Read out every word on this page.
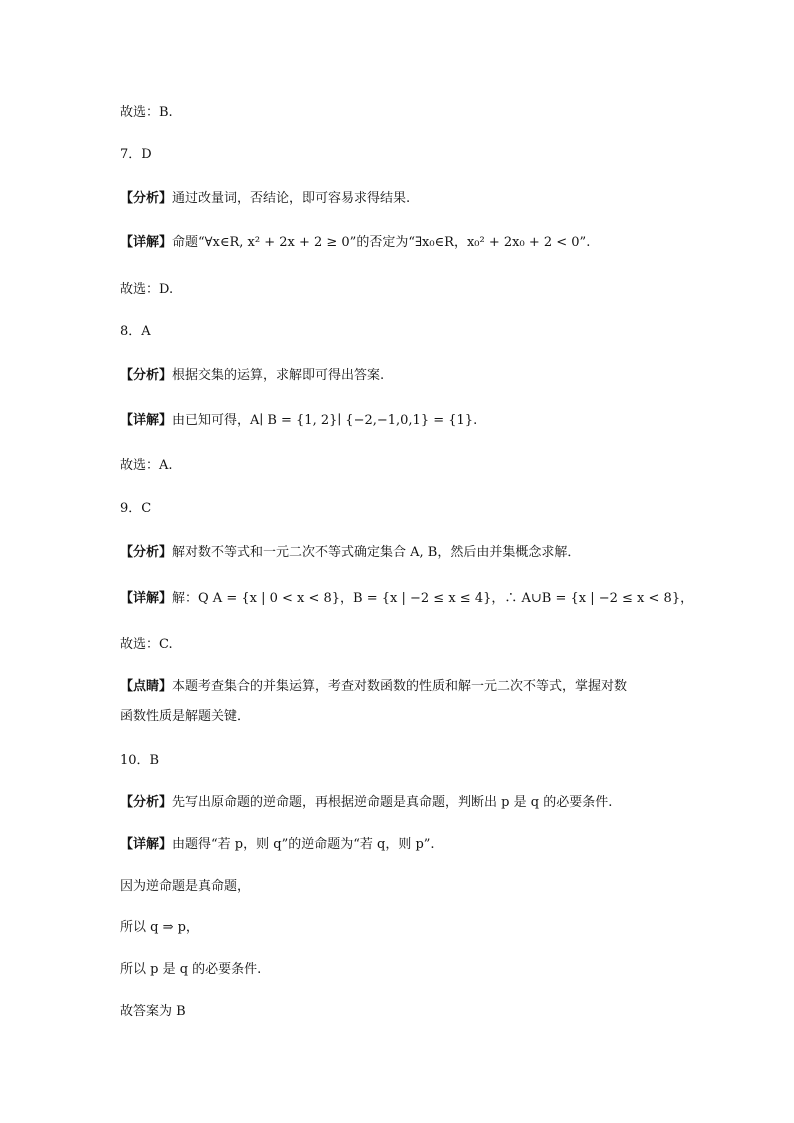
故选：B.
7．D
【分析】通过改量词，否结论，即可容易求得结果.
【详解】命题“∀x∈R, x² + 2x + 2 ≥ 0”的否定为“∃x₀∈R，x₀² + 2x₀ + 2 < 0”.
故选：D.
8．A
【分析】根据交集的运算，求解即可得出答案.
【详解】由已知可得，A∣ B = {1, 2}∣ {−2,−1,0,1} = {1}.
故选：A.
9．C
【分析】解对数不等式和一元二次不等式确定集合 A, B，然后由并集概念求解．
【详解】解：Q A = {x | 0 < x < 8}，B = {x | −2 ≤ x ≤ 4}，∴ A∪B = {x | −2 ≤ x < 8}，
故选：C.
【点睛】本题考查集合的并集运算，考查对数函数的性质和解一元二次不等式，掌握对数函数性质是解题关键．
10．B
【分析】先写出原命题的逆命题，再根据逆命题是真命题，判断出 p 是 q 的必要条件.
【详解】由题得“若 p，则 q”的逆命题为“若 q，则 p”.
因为逆命题是真命题，
所以 q ⇒ p，
所以 p 是 q 的必要条件.
故答案为 B
